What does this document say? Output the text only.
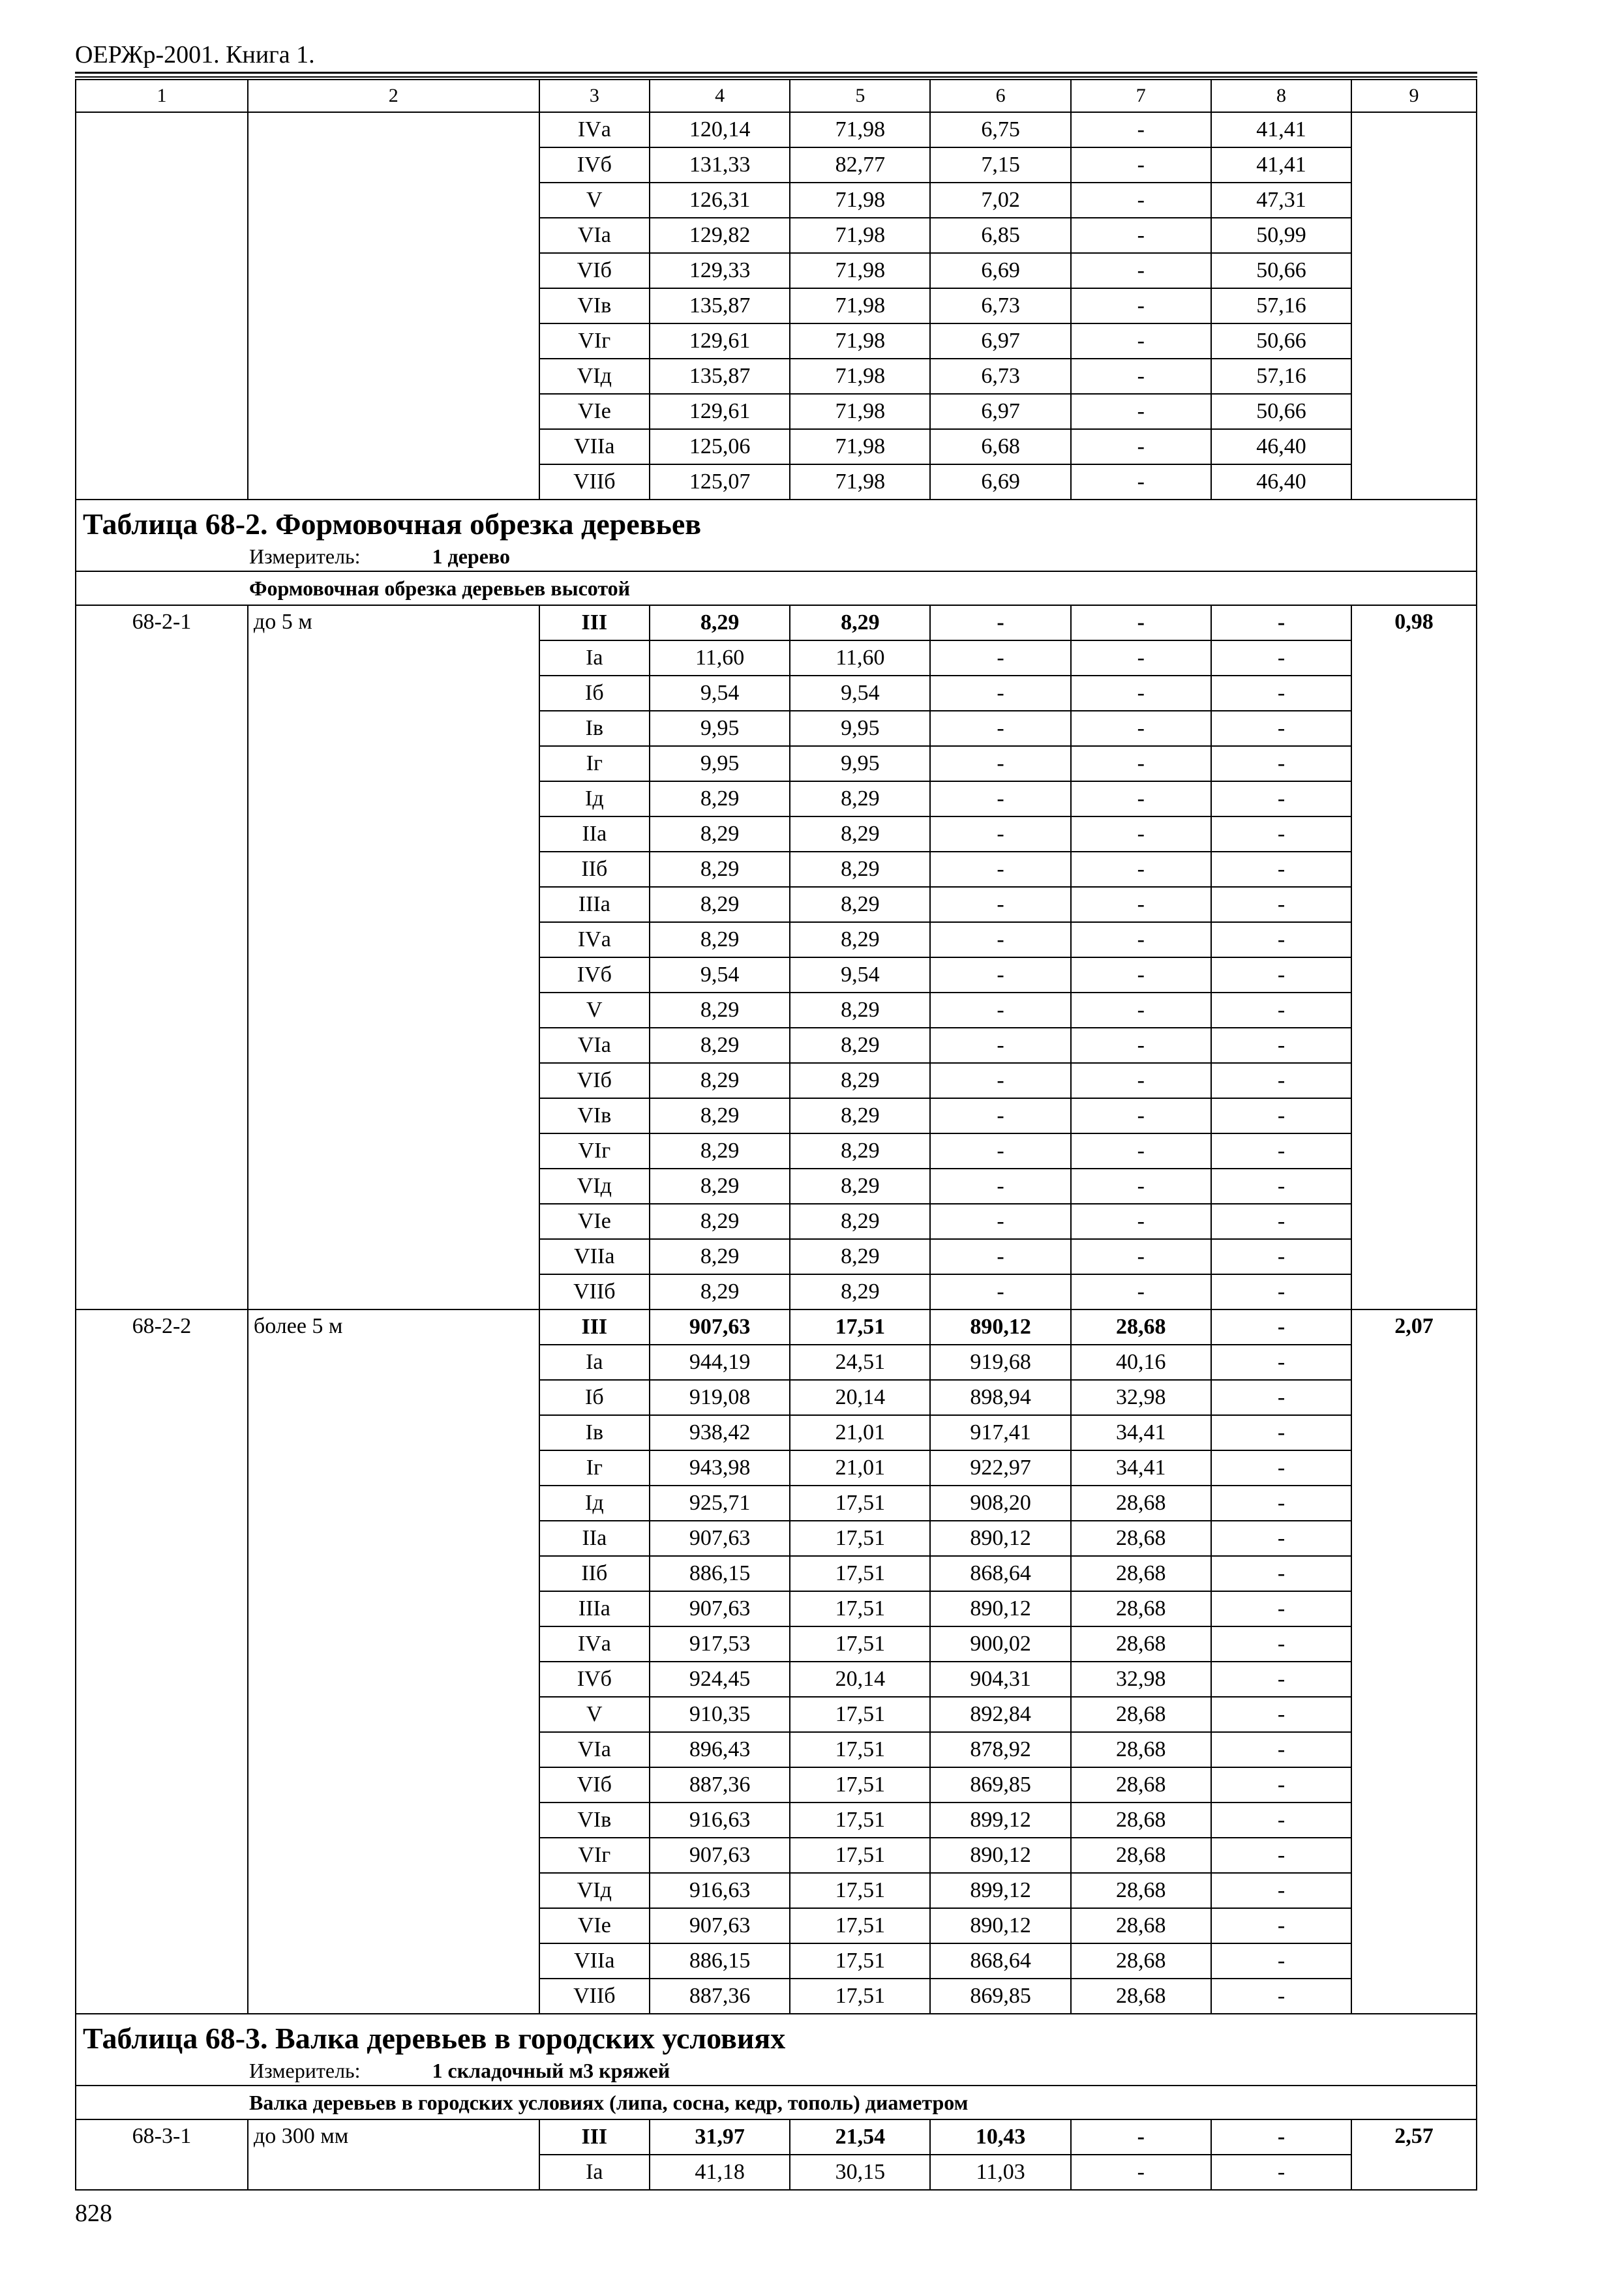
ОЕРЖр-2001. Книга 1.
1	2	3	4	5	6	7	8	9
		IVа	120,14	71,98	6,75	-	41,41	
		IVб	131,33	82,77	7,15	-	41,41	
		V	126,31	71,98	7,02	-	47,31	
		VIа	129,82	71,98	6,85	-	50,99	
		VIб	129,33	71,98	6,69	-	50,66	
		VIв	135,87	71,98	6,73	-	57,16	
		VIг	129,61	71,98	6,97	-	50,66	
		VIд	135,87	71,98	6,73	-	57,16	
		VIе	129,61	71,98	6,97	-	50,66	
		VIIа	125,06	71,98	6,68	-	46,40	
		VIIб	125,07	71,98	6,69	-	46,40	
Таблица 68-2. Формовочная обрезка деревьев
Измеритель: 1 дерево								

Формовочная обрезка деревьев высотой								
68-2-1	до 5 м	III	8,29	8,29	-	-	-	0,98
		Iа	11,60	11,60	-	-	-	
		Iб	9,54	9,54	-	-	-	
		Iв	9,95	9,95	-	-	-	
		Iг	9,95	9,95	-	-	-	
		Iд	8,29	8,29	-	-	-	
		IIа	8,29	8,29	-	-	-	
		IIб	8,29	8,29	-	-	-	
		IIIа	8,29	8,29	-	-	-	
		IVа	8,29	8,29	-	-	-	
		IVб	9,54	9,54	-	-	-	
		V	8,29	8,29	-	-	-	
		VIа	8,29	8,29	-	-	-	
		VIб	8,29	8,29	-	-	-	
		VIв	8,29	8,29	-	-	-	
		VIг	8,29	8,29	-	-	-	
		VIд	8,29	8,29	-	-	-	
		VIе	8,29	8,29	-	-	-	
		VIIа	8,29	8,29	-	-	-	
		VIIб	8,29	8,29	-	-	-	
68-2-2	более 5 м	III	907,63	17,51	890,12	28,68	-	2,07
		Iа	944,19	24,51	919,68	40,16	-	
		Iб	919,08	20,14	898,94	32,98	-	
		Iв	938,42	21,01	917,41	34,41	-	
		Iг	943,98	21,01	922,97	34,41	-	
		Iд	925,71	17,51	908,20	28,68	-	
		IIа	907,63	17,51	890,12	28,68	-	
		IIб	886,15	17,51	868,64	28,68	-	
		IIIа	907,63	17,51	890,12	28,68	-	
		IVа	917,53	17,51	900,02	28,68	-	
		IVб	924,45	20,14	904,31	32,98	-	
		V	910,35	17,51	892,84	28,68	-	
		VIа	896,43	17,51	878,92	28,68	-	
		VIб	887,36	17,51	869,85	28,68	-	
		VIв	916,63	17,51	899,12	28,68	-	
		VIг	907,63	17,51	890,12	28,68	-	
		VIд	916,63	17,51	899,12	28,68	-	
		VIе	907,63	17,51	890,12	28,68	-	
		VIIа	886,15	17,51	868,64	28,68	-	
		VIIб	887,36	17,51	869,85	28,68	-	
Таблица 68-3. Валка деревьев в городских условиях
Измеритель: 1 складочный м3 кряжей								

Валка деревьев в городских условиях (липа, сосна, кедр, тополь) диаметром								
68-3-1	до 300 мм	III	31,97	21,54	10,43	-	-	2,57
		Iа	41,18	30,15	11,03	-	-	
828
